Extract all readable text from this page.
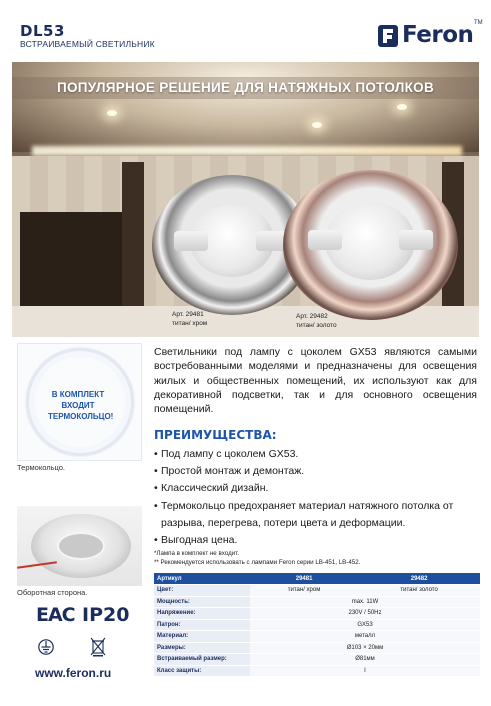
DL53
ВСТРАИВАЕМЫЙ СВЕТИЛЬНИК	Feron TM
ПОПУЛЯРНОЕ РЕШЕНИЕ ДЛЯ НАТЯЖНЫХ ПОТОЛКОВ
Арт. 29481
титан/ хром
Арт. 29482
титан/ золото
В КОМПЛЕКТ ВХОДИТ ТЕРМОКОЛЬЦО!
Термокольцо.
Оборотная сторона.
EAC IP20
www.feron.ru
Светильники под лампу с цоколем GX53 являются самыми востребованными моделями и предназначены для освещения жилых и общественных помещений, их используют как для декоративной подсветки, так и для основного освещения помещений.
ПРЕИМУЩЕСТВА:
• Под лампу с цоколем GX53.
• Простой монтаж и демонтаж.
• Классический дизайн.
• Термокольцо предохраняет материал натяжного потолка от разрыва, перегрева, потери цвета и деформации.
• Выгодная цена.
*Лампа в комплект не входит.
** Рекомендуется использовать с лампами Feron серии LB-451, LB-452.
Артикул	29481	29482
Цвет:	титан/ хром	титан/ золото
Мощность:	max. 11W	
Напряжение:	230V / 50Hz	
Патрон:	GX53	
Материал:	металл	
Размеры:	Ø103 × 20мм	
Встраиваемый размер:	Ø81мм	
Класс защиты:	I	
